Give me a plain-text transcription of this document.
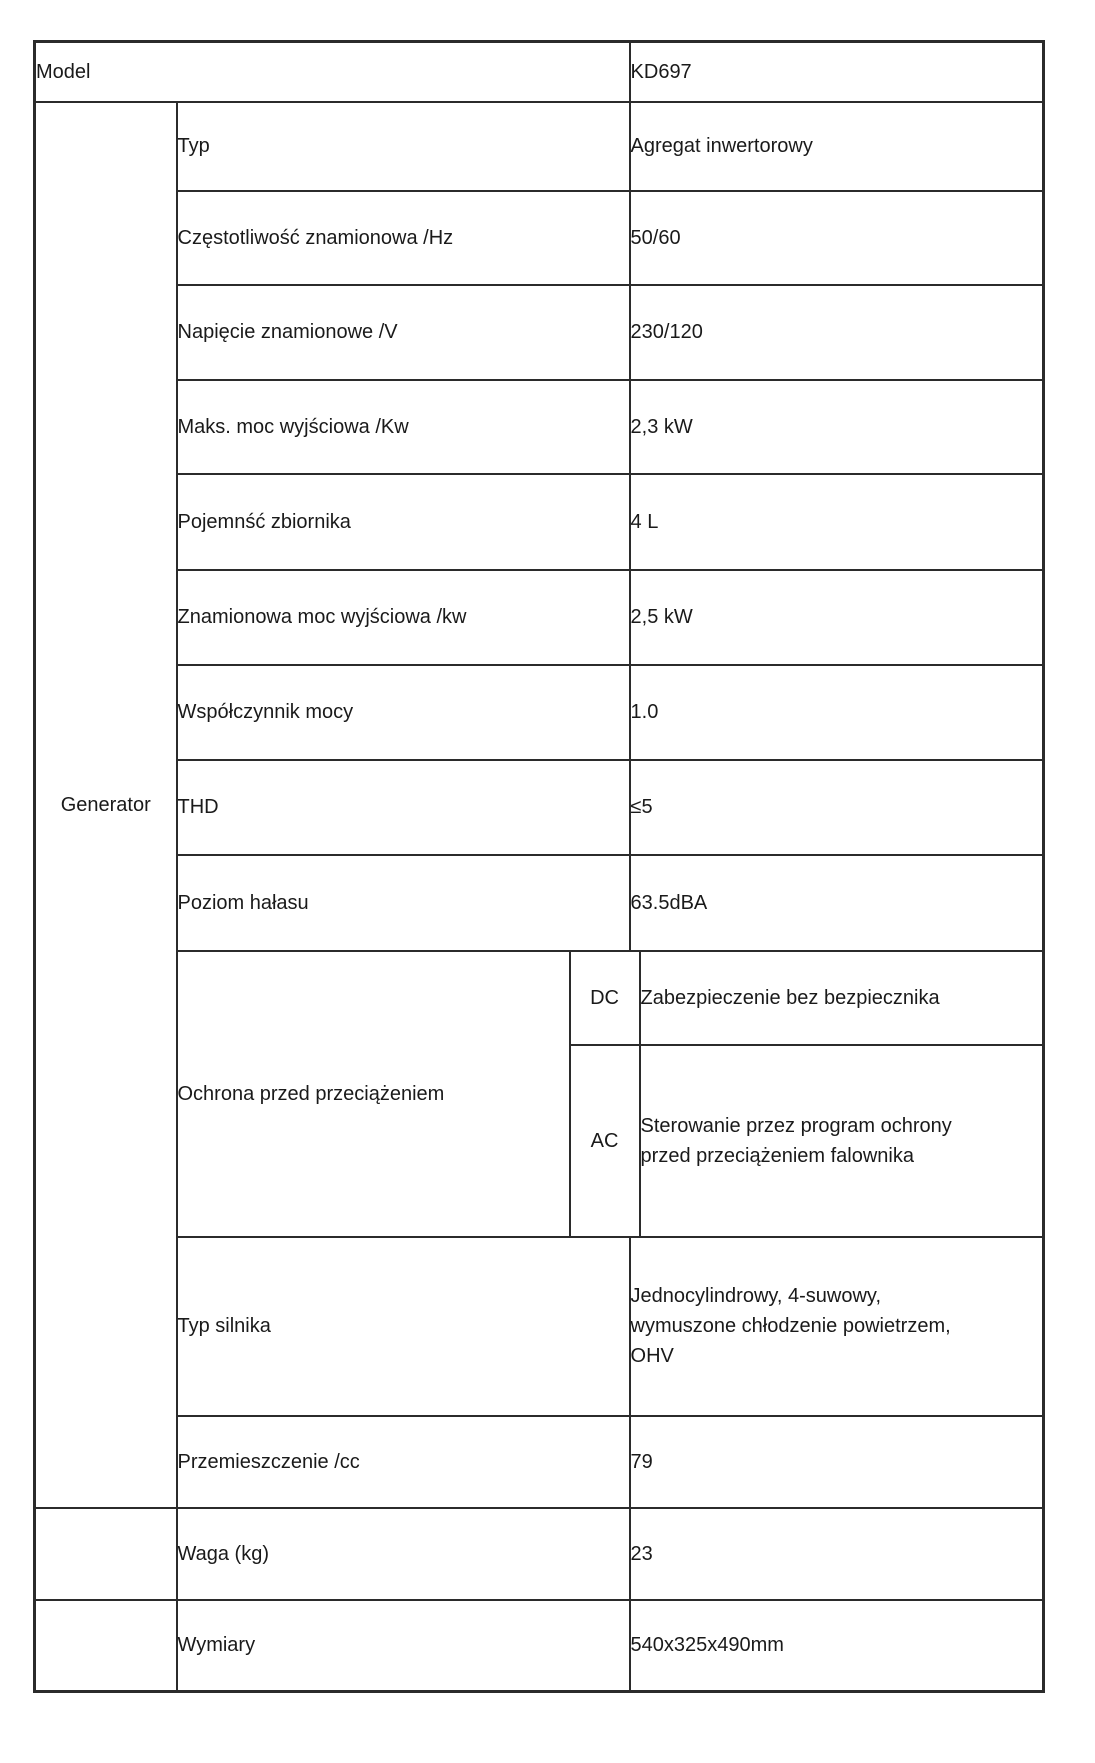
Model			KD697	
Generator	Typ		Agregat inwertorowy	
	Częstotliwość znamionowa /Hz		50/60	
	Napięcie znamionowe /V		230/120	
	Maks. moc wyjściowa /Kw		2,3 kW	
	Pojemnść zbiornika		4 L	
	Znamionowa moc wyjściowa /kw		2,5 kW	
	Współczynnik mocy		1.0	
	THD		≤5	
	Poziom hałasu		63.5dBA	
	Ochrona przed przeciążeniem	DC		Zabezpieczenie bez bezpiecznika
		AC		Sterowanie przez program ochrony przed przeciążeniem falownika

	Typ silnika		Jednocylindrowy, 4-suwowy, wymuszone chłodzenie powietrzem, OHV	

	Przemieszczenie /cc		79	
	Waga (kg)		23	
	Wymiary		540x325x490mm	
